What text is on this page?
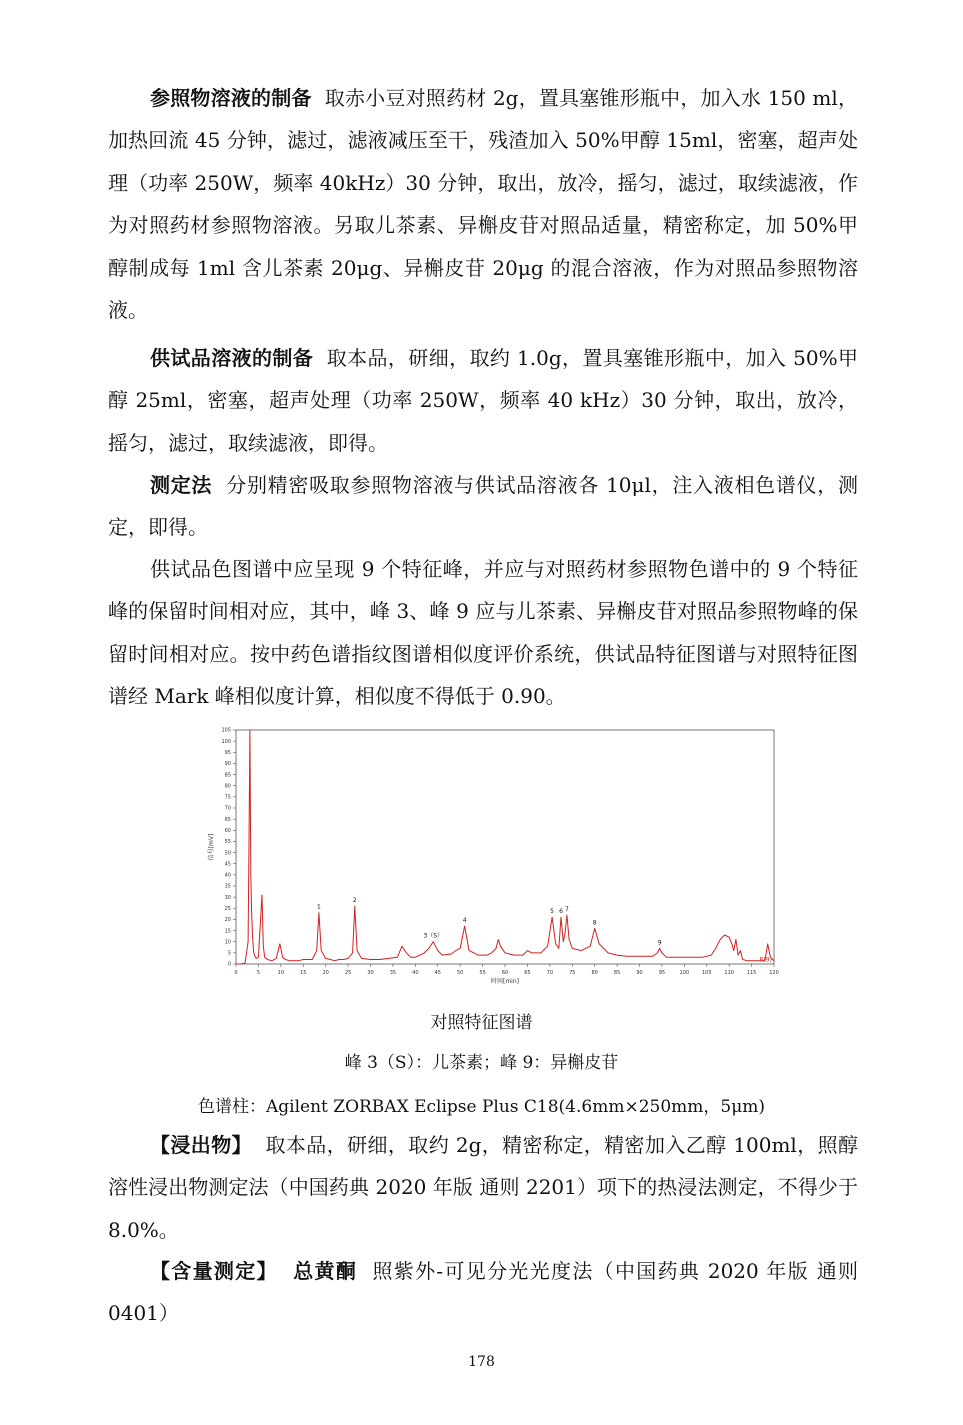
参照物溶液的制备 取赤小豆对照药材 2g，置具塞锥形瓶中，加入水 150 ml，加热回流 45 分钟，滤过，滤液减压至干，残渣加入 50%甲醇 15ml，密塞，超声处理（功率 250W，频率 40kHz）30 分钟，取出，放冷，摇匀，滤过，取续滤液，作为对照药材参照物溶液。另取儿茶素、异槲皮苷对照品适量，精密称定，加 50%甲醇制成每 1ml 含儿茶素 20μg、异槲皮苷 20μg 的混合溶液，作为对照品参照物溶液。

供试品溶液的制备 取本品，研细，取约 1.0g，置具塞锥形瓶中，加入 50%甲醇 25ml，密塞，超声处理（功率 250W，频率 40 kHz）30 分钟，取出，放冷，摇匀，滤过，取续滤液，即得。

测定法 分别精密吸取参照物溶液与供试品溶液各 10μl，注入液相色谱仪，测定，即得。

供试品色图谱中应呈现 9 个特征峰，并应与对照药材参照物色谱中的 9 个特征峰的保留时间相对应，其中，峰 3、峰 9 应与儿茶素、异槲皮苷对照品参照物峰的保留时间相对应。按中药色谱指纹图谱相似度评价系统，供试品特征图谱与对照特征图谱经 Mark 峰相似度计算，相似度不得低于 0.90。

0	5	10	15	20	25	30	35	40	45	50	55	60	65	70	75	80	85	90	95	100	105	110	115	120
0
5
10
15
20
25
30
35
40
45
50
55
60
65
70
75
80
85
90
95
100
105
时间[min]
信号[mV]
1
2
3（S）
4
5 6 7
8
9
R(9)
对照特征图谱
峰 3（S）：儿茶素；峰 9：异槲皮苷
色谱柱：Agilent ZORBAX Eclipse Plus C18(4.6mm×250mm，5μm)

【浸出物】 取本品，研细，取约 2g，精密称定，精密加入乙醇 100ml，照醇溶性浸出物测定法（中国药典 2020 年版 通则 2201）项下的热浸法测定，不得少于 8.0%。

【含量测定】 总黄酮 照紫外-可见分光光度法（中国药典 2020 年版 通则 0401）

178
